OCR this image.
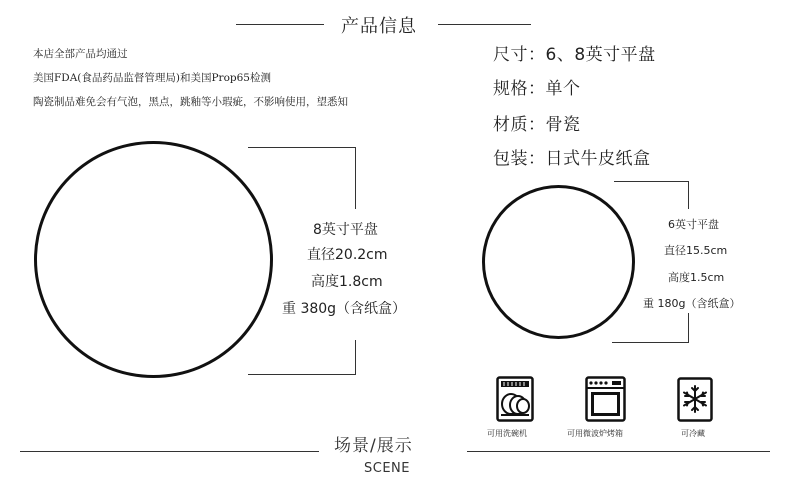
产品信息
本店全部产品均通过
美国FDA(食品药品监督管理局)和美国Prop65检测
陶瓷制品难免会有气泡，黑点，跳釉等小瑕疵，不影响使用，望悉知
尺寸：6、8英寸平盘
规格：单个
材质：骨瓷
包装：日式牛皮纸盒
8英寸平盘
直径20.2cm
高度1.8cm
重 380g（含纸盒）
6英寸平盘
直径15.5cm
高度1.5cm
重 180g（含纸盒）
可用洗碗机	可用微波炉烤箱	可冷藏
场景/展示
SCENE
